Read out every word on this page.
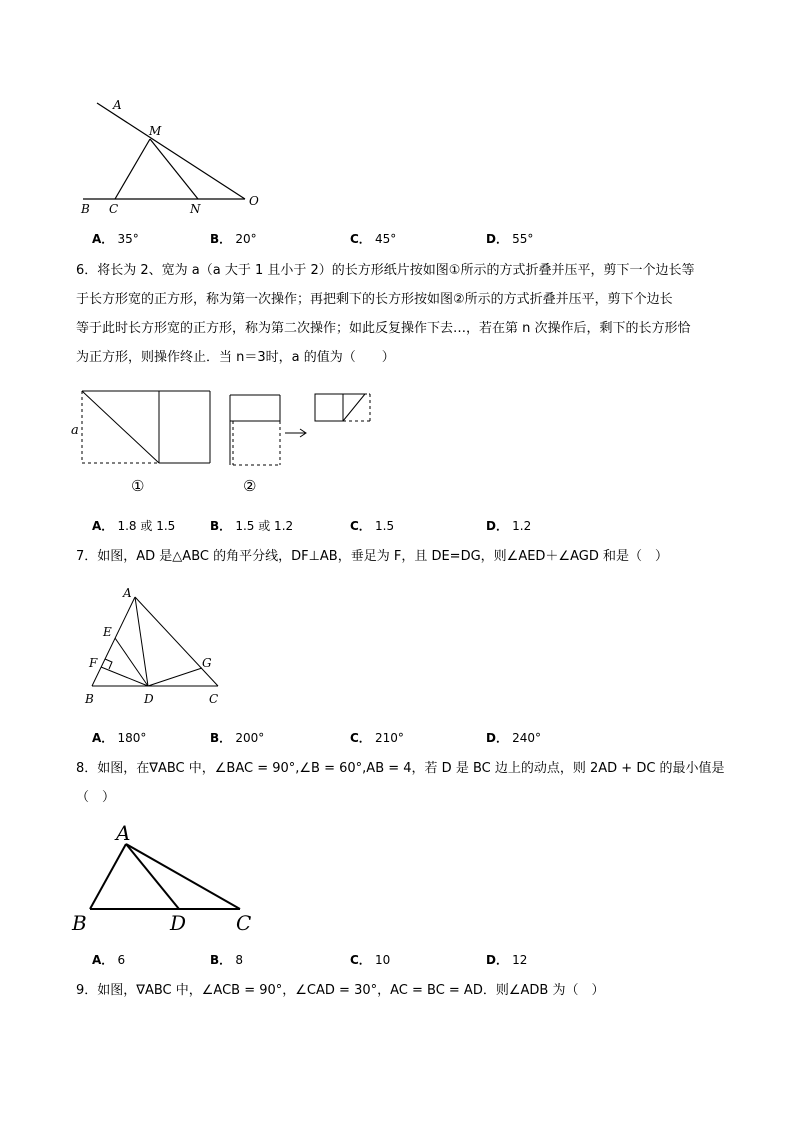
A
M
B C	N
O
A． 35°	B． 20°	C． 45°	D． 55°
6．将长为 2、宽为 a（a 大于 1 且小于 2）的长方形纸片按如图①所示的方式折叠并压平，剪下一个边长等
于长方形宽的正方形，称为第一次操作；再把剩下的长方形按如图②所示的方式折叠并压平，剪下个边长
等于此时长方形宽的正方形，称为第二次操作；如此反复操作下去…，若在第 n 次操作后，剩下的长方形恰
为正方形，则操作终止．当 n＝3时，a 的值为（　　）
a
①	②
A． 1.8 或 1.5	B． 1.5 或 1.2	C． 1.5	D． 1.2
7．如图，AD 是△ABC 的角平分线，DF⊥AB，垂足为 F，且 DE=DG，则∠AED＋∠AGD 和是（　）
A
E
F	G
B	D	C
A． 180°	B． 200°	C． 210°	D． 240°
8．如图，在∇ABC 中，∠BAC = 90°,∠B = 60°,AB = 4，若 D 是 BC 边上的动点，则 2AD + DC 的最小值是
（　）
A
B	D C
A． 6	B． 8	C． 10	D． 12
9．如图，∇ABC 中，∠ACB = 90°，∠CAD = 30°，AC = BC = AD．则∠ADB 为（　）
